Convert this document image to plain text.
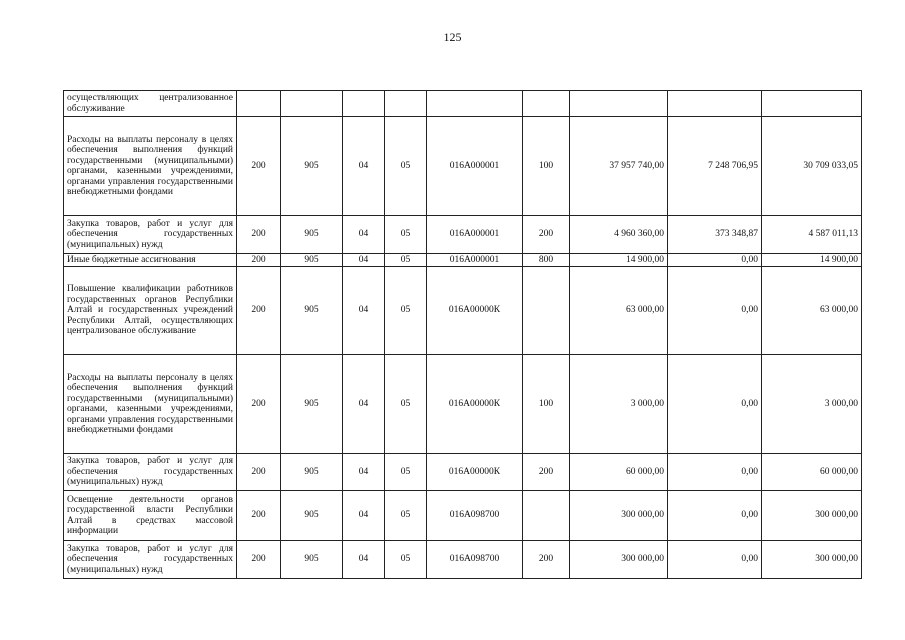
125
осуществляющих централизованное обслуживание									
Расходы на выплаты персоналу в целях обеспечения выполнения функций государственными (муниципальными) органами, казенными учреждениями, органами управления государственными внебюджетными фондами	200	905	04	05	016А000001	100	37 957 740,00	7 248 706,95	30 709 033,05
Закупка товаров, работ и услуг для обеспечения государственных (муниципальных) нужд	200	905	04	05	016А000001	200	4 960 360,00	373 348,87	4 587 011,13
Иные бюджетные ассигнования	200	905	04	05	016А000001	800	14 900,00	0,00	14 900,00
Повышение квалификации работников государственных органов Республики Алтай и государственных учреждений Республики Алтай, осуществляющих централизованое обслуживание	200	905	04	05	016А00000К		63 000,00	0,00	63 000,00
Расходы на выплаты персоналу в целях обеспечения выполнения функций государственными (муниципальными) органами, казенными учреждениями, органами управления государственными внебюджетными фондами	200	905	04	05	016А00000К	100	3 000,00	0,00	3 000,00
Закупка товаров, работ и услуг для обеспечения государственных (муниципальных) нужд	200	905	04	05	016А00000К	200	60 000,00	0,00	60 000,00
Освещение деятельности органов государственной власти Республики Алтай в средствах массовой информации	200	905	04	05	016А098700		300 000,00	0,00	300 000,00
Закупка товаров, работ и услуг для обеспечения государственных (муниципальных) нужд	200	905	04	05	016А098700	200	300 000,00	0,00	300 000,00
